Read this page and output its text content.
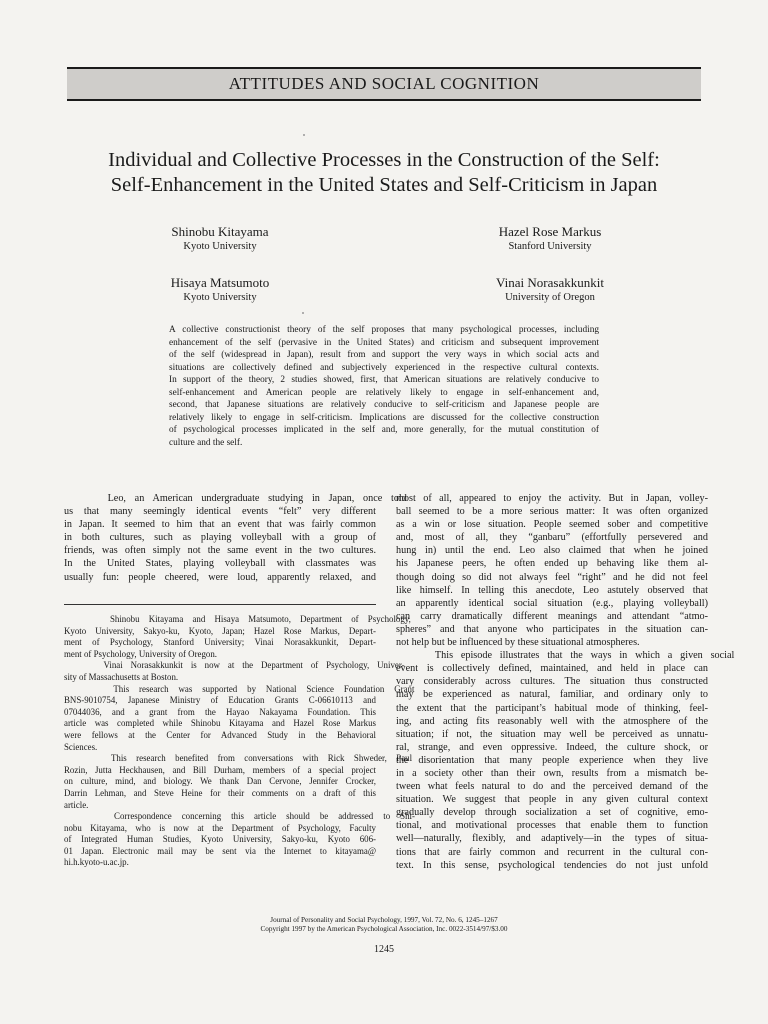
ATTITUDES AND SOCIAL COGNITION
Individual and Collective Processes in the Construction of the Self:
Self-Enhancement in the United States and Self-Criticism in Japan
Shinobu Kitayama
Kyoto University
Hazel Rose Markus
Stanford University
Hisaya Matsumoto
Kyoto University
Vinai Norasakkunkit
University of Oregon
A collective constructionist theory of the self proposes that many psychological processes, including
enhancement of the self (pervasive in the United States) and criticism and subsequent improvement
of the self (widespread in Japan), result from and support the very ways in which social acts and
situations are collectively defined and subjectively experienced in the respective cultural contexts.
In support of the theory, 2 studies showed, first, that American situations are relatively conducive to
self-enhancement and American people are relatively likely to engage in self-enhancement and,
second, that Japanese situations are relatively conducive to self-criticism and Japanese people are
relatively likely to engage in self-criticism. Implications are discussed for the collective construction
of psychological processes implicated in the self and, more generally, for the mutual constitution of
culture and the self.
Leo, an American undergraduate studying in Japan, once told
us that many seemingly identical events “felt” very different
in Japan. It seemed to him that an event that was fairly common
in both cultures, such as playing volleyball with a group of
friends, was often simply not the same event in the two cultures.
In the United States, playing volleyball with classmates was
usually fun: people cheered, were loud, apparently relaxed, and
Shinobu Kitayama and Hisaya Matsumoto, Department of Psychology,
Kyoto University, Sakyo-ku, Kyoto, Japan; Hazel Rose Markus, Depart-
ment of Psychology, Stanford University; Vinai Norasakkunkit, Depart-
ment of Psychology, University of Oregon.
Vinai Norasakkunkit is now at the Department of Psychology, Univer-
sity of Massachusetts at Boston.
This research was supported by National Science Foundation Grant
BNS-9010754, Japanese Ministry of Education Grants C-06610113 and
07044036, and a grant from the Hayao Nakayama Foundation. This
article was completed while Shinobu Kitayama and Hazel Rose Markus
were fellows at the Center for Advanced Study in the Behavioral
Sciences.
This research benefited from conversations with Rick Shweder, Paul
Rozin, Jutta Heckhausen, and Bill Durham, members of a special project
on culture, mind, and biology. We thank Dan Cervone, Jennifer Crocker,
Darrin Lehman, and Steve Heine for their comments on a draft of this
article.
Correspondence concerning this article should be addressed to Shi-
nobu Kitayama, who is now at the Department of Psychology, Faculty
of Integrated Human Studies, Kyoto University, Sakyo-ku, Kyoto 606-
01 Japan. Electronic mail may be sent via the Internet to kitayama@
hi.h.kyoto-u.ac.jp.
most of all, appeared to enjoy the activity. But in Japan, volley-
ball seemed to be a more serious matter: It was often organized
as a win or lose situation. People seemed sober and competitive
and, most of all, they “ganbaru” (effortfully persevered and
hung in) until the end. Leo also claimed that when he joined
his Japanese peers, he often ended up behaving like them al-
though doing so did not always feel “right” and he did not feel
like himself. In telling this anecdote, Leo astutely observed that
an apparently identical social situation (e.g., playing volleyball)
can carry dramatically different meanings and attendant “atmo-
spheres” and that anyone who participates in the situation can-
not help but be influenced by these situational atmospheres.
This episode illustrates that the ways in which a given social
event is collectively defined, maintained, and held in place can
vary considerably across cultures. The situation thus constructed
may be experienced as natural, familiar, and ordinary only to
the extent that the participant’s habitual mode of thinking, feel-
ing, and acting fits reasonably well with the atmosphere of the
situation; if not, the situation may well be perceived as unnatu-
ral, strange, and even oppressive. Indeed, the culture shock, or
the disorientation that many people experience when they live
in a society other than their own, results from a mismatch be-
tween what feels natural to do and the perceived demand of the
situation. We suggest that people in any given cultural context
gradually develop through socialization a set of cognitive, emo-
tional, and motivational processes that enable them to function
well—naturally, flexibly, and adaptively—in the types of situa-
tions that are fairly common and recurrent in the cultural con-
text. In this sense, psychological tendencies do not just unfold
Journal of Personality and Social Psychology, 1997, Vol. 72, No. 6, 1245–1267
Copyright 1997 by the American Psychological Association, Inc. 0022-3514/97/$3.00
1245
